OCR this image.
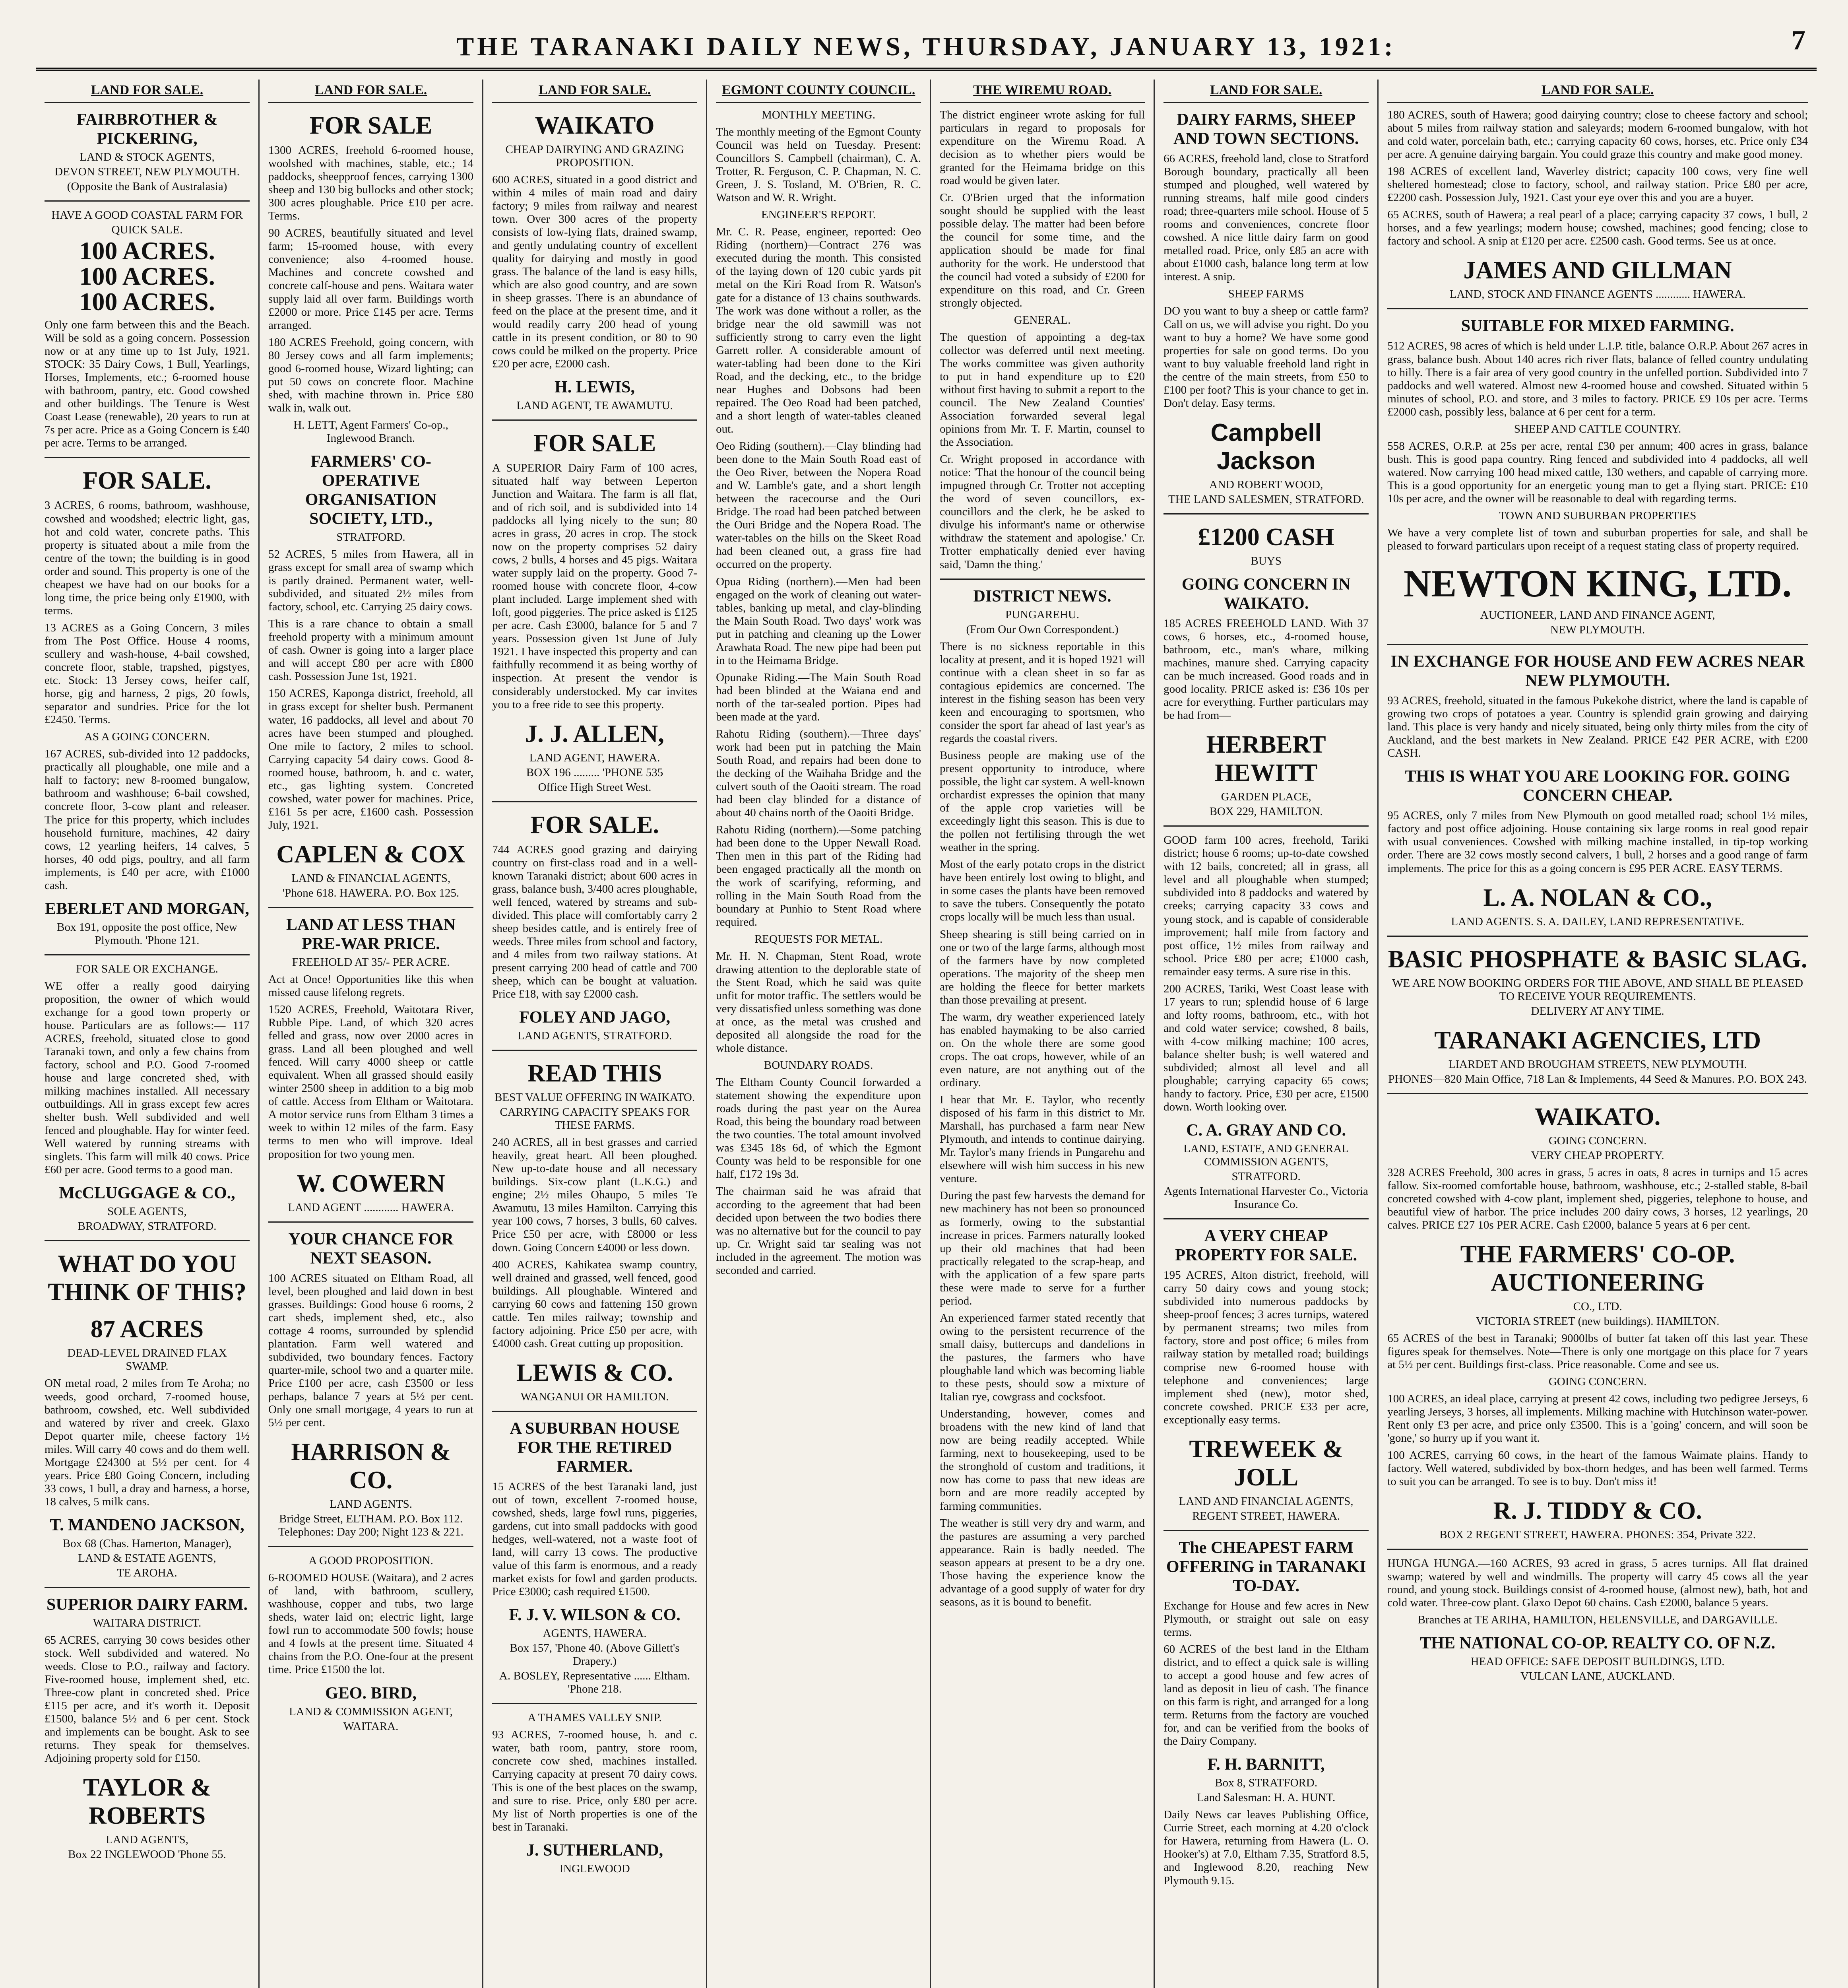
THE TARANAKI DAILY NEWS, THURSDAY, JANUARY 13, 1921:	7
LAND FOR SALE.
FAIRBROTHER & PICKERING,
LAND & STOCK AGENTS,
DEVON STREET, NEW PLYMOUTH.
(Opposite the Bank of Australasia)
HAVE A GOOD COASTAL FARM FOR
QUICK SALE.
100 ACRES.
100 ACRES.
100 ACRES.

Only one farm between this and the Beach. Will be sold as a going concern. Possession now or at any time up to 1st July, 1921. STOCK: 35 Dairy Cows, 1 Bull, Yearlings, Horses, Implements, etc.; 6-roomed house with bathroom, pantry, etc. Good cowshed and other buildings. The Tenure is West Coast Lease (renewable), 20 years to run at 7s per acre. Price as a Going Concern is £40 per acre. Terms to be arranged.

FOR SALE.

3 ACRES, 6 rooms, bathroom, washhouse, cowshed and woodshed; electric light, gas, hot and cold water, concrete paths. This property is situated about a mile from the centre of the town; the building is in good order and sound. This property is one of the cheapest we have had on our books for a long time, the price being only £1900, with terms.

13 ACRES as a Going Concern, 3 miles from The Post Office. House 4 rooms, scullery and wash-house, 4-bail cowshed, concrete floor, stable, trapshed, pigstyes, etc. Stock: 13 Jersey cows, heifer calf, horse, gig and harness, 2 pigs, 20 fowls, separator and sundries. Price for the lot £2450. Terms.

AS A GOING CONCERN.

167 ACRES, sub-divided into 12 paddocks, practically all ploughable, one mile and a half to factory; new 8-roomed bungalow, bathroom and washhouse; 6-bail cowshed, concrete floor, 3-cow plant and releaser. The price for this property, which includes household furniture, machines, 42 dairy cows, 12 yearling heifers, 14 calves, 5 horses, 40 odd pigs, poultry, and all farm implements, is £40 per acre, with £1000 cash.

EBERLET AND MORGAN,
Box 191, opposite the post office, New Plymouth. 'Phone 121.
FOR SALE OR EXCHANGE.

WE offer a really good dairying proposition, the owner of which would exchange for a good town property or house. Particulars are as follows:— 117 ACRES, freehold, situated close to good Taranaki town, and only a few chains from factory, school and P.O. Good 7-roomed house and large concreted shed, with milking machines installed. All necessary outbuildings. All in grass except few acres shelter bush. Well subdivided and well fenced and ploughable. Hay for winter feed. Well watered by running streams with singlets. This farm will milk 40 cows. Price £60 per acre. Good terms to a good man.

McCLUGGAGE & CO.,
SOLE AGENTS,
BROADWAY, STRATFORD.
WHAT DO YOU THINK OF THIS?
87 ACRES
DEAD-LEVEL DRAINED FLAX SWAMP.

ON metal road, 2 miles from Te Aroha; no weeds, good orchard, 7-roomed house, bathroom, cowshed, etc. Well subdivided and watered by river and creek. Glaxo Depot quarter mile, cheese factory 1½ miles. Will carry 40 cows and do them well. Mortgage £24300 at 5½ per cent. for 4 years. Price £80 Going Concern, including 33 cows, 1 bull, a dray and harness, a horse, 18 calves, 5 milk cans.

T. MANDENO JACKSON,
Box 68 (Chas. Hamerton, Manager),
LAND & ESTATE AGENTS,
TE AROHA.
SUPERIOR DAIRY FARM.
WAITARA DISTRICT.

65 ACRES, carrying 30 cows besides other stock. Well subdivided and watered. No weeds. Close to P.O., railway and factory. Five-roomed house, implement shed, etc. Three-cow plant in concreted shed. Price £115 per acre, and it's worth it. Deposit £1500, balance 5½ and 6 per cent. Stock and implements can be bought. Ask to see returns. They speak for themselves. Adjoining property sold for £150.

TAYLOR & ROBERTS
LAND AGENTS,
Box 22 INGLEWOOD 'Phone 55.
LAND FOR SALE.
FOR SALE

1300 ACRES, freehold 6-roomed house, woolshed with machines, stable, etc.; 14 paddocks, sheepproof fences, carrying 1300 sheep and 130 big bullocks and other stock; 300 acres ploughable. Price £10 per acre. Terms.

90 ACRES, beautifully situated and level farm; 15-roomed house, with every convenience; also 4-roomed house. Machines and concrete cowshed and concrete calf-house and pens. Waitara water supply laid all over farm. Buildings worth £2000 or more. Price £145 per acre. Terms arranged.

180 ACRES Freehold, going concern, with 80 Jersey cows and all farm implements; good 6-roomed house, Wizard lighting; can put 50 cows on concrete floor. Machine shed, with machine thrown in. Price £80 walk in, walk out.

H. LETT, Agent Farmers' Co-op., Inglewood Branch.
FARMERS' CO-OPERATIVE ORGANISATION SOCIETY, LTD.,
STRATFORD.

52 ACRES, 5 miles from Hawera, all in grass except for small area of swamp which is partly drained. Permanent water, well-subdivided, and situated 2½ miles from factory, school, etc. Carrying 25 dairy cows.

This is a rare chance to obtain a small freehold property with a minimum amount of cash. Owner is going into a larger place and will accept £80 per acre with £800 cash. Possession June 1st, 1921.

150 ACRES, Kaponga district, freehold, all in grass except for shelter bush. Permanent water, 16 paddocks, all level and about 70 acres have been stumped and ploughed. One mile to factory, 2 miles to school. Carrying capacity 54 dairy cows. Good 8-roomed house, bathroom, h. and c. water, etc., gas lighting system. Concreted cowshed, water power for machines. Price, £161 5s per acre, £1600 cash. Possession July, 1921.

CAPLEN & COX
LAND & FINANCIAL AGENTS,
'Phone 618. HAWERA. P.O. Box 125.
LAND AT LESS THAN PRE-WAR PRICE.
FREEHOLD AT 35/- PER ACRE.

Act at Once! Opportunities like this when missed cause lifelong regrets.

1520 ACRES, Freehold, Waitotara River, Rubble Pipe. Land, of which 320 acres felled and grass, now over 2000 acres in grass. Land all been ploughed and well fenced. Will carry 4000 sheep or cattle equivalent. When all grassed should easily winter 2500 sheep in addition to a big mob of cattle. Access from Eltham or Waitotara. A motor service runs from Eltham 3 times a week to within 12 miles of the farm. Easy terms to men who will improve. Ideal proposition for two young men.

W. COWERN
LAND AGENT ............ HAWERA.
YOUR CHANCE FOR NEXT SEASON.

100 ACRES situated on Eltham Road, all level, been ploughed and laid down in best grasses. Buildings: Good house 6 rooms, 2 cart sheds, implement shed, etc., also cottage 4 rooms, surrounded by splendid plantation. Farm well watered and subdivided, two boundary fences. Factory quarter-mile, school two and a quarter mile. Price £100 per acre, cash £3500 or less perhaps, balance 7 years at 5½ per cent. Only one small mortgage, 4 years to run at 5½ per cent.

HARRISON & CO.
LAND AGENTS.
Bridge Street, ELTHAM. P.O. Box 112. Telephones: Day 200; Night 123 & 221.
A GOOD PROPOSITION.

6-ROOMED HOUSE (Waitara), and 2 acres of land, with bathroom, scullery, washhouse, copper and tubs, two large sheds, water laid on; electric light, large fowl run to accommodate 500 fowls; house and 4 fowls at the present time. Situated 4 chains from the P.O. One-four at the present time. Price £1500 the lot.

GEO. BIRD,
LAND & COMMISSION AGENT,
WAITARA.
LAND FOR SALE.
WAIKATO
CHEAP DAIRYING AND GRAZING PROPOSITION.

600 ACRES, situated in a good district and within 4 miles of main road and dairy factory; 9 miles from railway and nearest town. Over 300 acres of the property consists of low-lying flats, drained swamp, and gently undulating country of excellent quality for dairying and mostly in good grass. The balance of the land is easy hills, which are also good country, and are sown in sheep grasses. There is an abundance of feed on the place at the present time, and it would readily carry 200 head of young cattle in its present condition, or 80 to 90 cows could be milked on the property. Price £20 per acre, £2000 cash.

H. LEWIS,
LAND AGENT, TE AWAMUTU.
FOR SALE

A SUPERIOR Dairy Farm of 100 acres, situated half way between Leperton Junction and Waitara. The farm is all flat, and of rich soil, and is subdivided into 14 paddocks all lying nicely to the sun; 80 acres in grass, 20 acres in crop. The stock now on the property comprises 52 dairy cows, 2 bulls, 4 horses and 45 pigs. Waitara water supply laid on the property. Good 7-roomed house with concrete floor, 4-cow plant included. Large implement shed with loft, good piggeries. The price asked is £125 per acre. Cash £3000, balance for 5 and 7 years. Possession given 1st June of July 1921. I have inspected this property and can faithfully recommend it as being worthy of inspection. At present the vendor is considerably understocked. My car invites you to a free ride to see this property.

J. J. ALLEN,
LAND AGENT, HAWERA.
BOX 196 ......... 'PHONE 535
Office High Street West.
FOR SALE.

744 ACRES good grazing and dairying country on first-class road and in a well-known Taranaki district; about 600 acres in grass, balance bush, 3/400 acres ploughable, well fenced, watered by streams and sub-divided. This place will comfortably carry 2 sheep besides cattle, and is entirely free of weeds. Three miles from school and factory, and 4 miles from two railway stations. At present carrying 200 head of cattle and 700 sheep, which can be bought at valuation. Price £18, with say £2000 cash.

FOLEY AND JAGO,
LAND AGENTS, STRATFORD.
READ THIS
BEST VALUE OFFERING IN WAIKATO.
CARRYING CAPACITY SPEAKS FOR THESE FARMS.

240 ACRES, all in best grasses and carried heavily, great heart. All been ploughed. New up-to-date house and all necessary buildings. Six-cow plant (L.K.G.) and engine; 2½ miles Ohaupo, 5 miles Te Awamutu, 13 miles Hamilton. Carrying this year 100 cows, 7 horses, 3 bulls, 60 calves. Price £50 per acre, with £8000 or less down. Going Concern £4000 or less down.

400 ACRES, Kahikatea swamp country, well drained and grassed, well fenced, good buildings. All ploughable. Wintered and carrying 60 cows and fattening 150 grown cattle. Ten miles railway; township and factory adjoining. Price £50 per acre, with £4000 cash. Great cutting up proposition.

LEWIS & CO.
WANGANUI OR HAMILTON.
A SUBURBAN HOUSE FOR THE RETIRED FARMER.

15 ACRES of the best Taranaki land, just out of town, excellent 7-roomed house, cowshed, sheds, large fowl runs, piggeries, gardens, cut into small paddocks with good hedges, well-watered, not a waste foot of land, will carry 13 cows. The productive value of this farm is enormous, and a ready market exists for fowl and garden products. Price £3000; cash required £1500.

F. J. V. WILSON & CO.
AGENTS, HAWERA.
Box 157, 'Phone 40. (Above Gillett's Drapery.)
A. BOSLEY, Representative ...... Eltham. 'Phone 218.
A THAMES VALLEY SNIP.

93 ACRES, 7-roomed house, h. and c. water, bath room, pantry, store room, concrete cow shed, machines installed. Carrying capacity at present 70 dairy cows. This is one of the best places on the swamp, and sure to rise. Price, only £80 per acre. My list of North properties is one of the best in Taranaki.

J. SUTHERLAND,
INGLEWOOD
EGMONT COUNTY COUNCIL.
MONTHLY MEETING.

The monthly meeting of the Egmont County Council was held on Tuesday. Present: Councillors S. Campbell (chairman), C. A. Trotter, R. Ferguson, C. P. Chapman, N. C. Green, J. S. Tosland, M. O'Brien, R. C. Watson and W. R. Wright.

ENGINEER'S REPORT.

Mr. C. R. Pease, engineer, reported: Oeo Riding (northern)—Contract 276 was executed during the month. This consisted of the laying down of 120 cubic yards pit metal on the Kiri Road from R. Watson's gate for a distance of 13 chains southwards. The work was done without a roller, as the bridge near the old sawmill was not sufficiently strong to carry even the light Garrett roller. A considerable amount of water-tabling had been done to the Kiri Road, and the decking, etc., to the bridge near Hughes and Dobsons had been repaired. The Oeo Road had been patched, and a short length of water-tables cleaned out.

Oeo Riding (southern).—Clay blinding had been done to the Main South Road east of the Oeo River, between the Nopera Road and W. Lamble's gate, and a short length between the racecourse and the Ouri Bridge. The road had been patched between the Ouri Bridge and the Nopera Road. The water-tables on the hills on the Skeet Road had been cleaned out, a grass fire had occurred on the property.

Opua Riding (northern).—Men had been engaged on the work of cleaning out water-tables, banking up metal, and clay-blinding the Main South Road. Two days' work was put in patching and cleaning up the Lower Arawhata Road. The new pipe had been put in to the Heimama Bridge.

Opunake Riding.—The Main South Road had been blinded at the Waiana end and north of the tar-sealed portion. Pipes had been made at the yard.

Rahotu Riding (southern).—Three days' work had been put in patching the Main South Road, and repairs had been done to the decking of the Waihaha Bridge and the culvert south of the Oaoiti stream. The road had been clay blinded for a distance of about 40 chains north of the Oaoiti Bridge.

Rahotu Riding (northern).—Some patching had been done to the Upper Newall Road. Then men in this part of the Riding had been engaged practically all the month on the work of scarifying, reforming, and rolling in the Main South Road from the boundary at Punhio to Stent Road where required.

REQUESTS FOR METAL.

Mr. H. N. Chapman, Stent Road, wrote drawing attention to the deplorable state of the Stent Road, which he said was quite unfit for motor traffic. The settlers would be very dissatisfied unless something was done at once, as the metal was crushed and deposited all alongside the road for the whole distance.

BOUNDARY ROADS.

The Eltham County Council forwarded a statement showing the expenditure upon roads during the past year on the Aurea Road, this being the boundary road between the two counties. The total amount involved was £345 18s 6d, of which the Egmont County was held to be responsible for one half, £172 19s 3d.

The chairman said he was afraid that according to the agreement that had been decided upon between the two bodies there was no alternative but for the council to pay up. Cr. Wright said tar sealing was not included in the agreement. The motion was seconded and carried.

THE WIREMU ROAD.

The district engineer wrote asking for full particulars in regard to proposals for expenditure on the Wiremu Road. A decision as to whether piers would be granted for the Heimama bridge on this road would be given later.

Cr. O'Brien urged that the information sought should be supplied with the least possible delay. The matter had been before the council for some time, and the application should be made for final authority for the work. He understood that the council had voted a subsidy of £200 for expenditure on this road, and Cr. Green strongly objected.

GENERAL.

The question of appointing a deg-tax collector was deferred until next meeting. The works committee was given authority to put in hand expenditure up to £20 without first having to submit a report to the council. The New Zealand Counties' Association forwarded several legal opinions from Mr. T. F. Martin, counsel to the Association.

Cr. Wright proposed in accordance with notice: 'That the honour of the council being impugned through Cr. Trotter not accepting the word of seven councillors, ex-councillors and the clerk, he be asked to divulge his informant's name or otherwise withdraw the statement and apologise.' Cr. Trotter emphatically denied ever having said, 'Damn the thing.'

DISTRICT NEWS.
PUNGAREHU.
(From Our Own Correspondent.)

There is no sickness reportable in this locality at present, and it is hoped 1921 will continue with a clean sheet in so far as contagious epidemics are concerned. The interest in the fishing season has been very keen and encouraging to sportsmen, who consider the sport far ahead of last year's as regards the coastal rivers.

Business people are making use of the present opportunity to introduce, where possible, the light car system. A well-known orchardist expresses the opinion that many of the apple crop varieties will be exceedingly light this season. This is due to the pollen not fertilising through the wet weather in the spring.

Most of the early potato crops in the district have been entirely lost owing to blight, and in some cases the plants have been removed to save the tubers. Consequently the potato crops locally will be much less than usual.

Sheep shearing is still being carried on in one or two of the large farms, although most of the farmers have by now completed operations. The majority of the sheep men are holding the fleece for better markets than those prevailing at present.

The warm, dry weather experienced lately has enabled haymaking to be also carried on. On the whole there are some good crops. The oat crops, however, while of an even nature, are not anything out of the ordinary.

I hear that Mr. E. Taylor, who recently disposed of his farm in this district to Mr. Marshall, has purchased a farm near New Plymouth, and intends to continue dairying. Mr. Taylor's many friends in Pungarehu and elsewhere will wish him success in his new venture.

During the past few harvests the demand for new machinery has not been so pronounced as formerly, owing to the substantial increase in prices. Farmers naturally looked up their old machines that had been practically relegated to the scrap-heap, and with the application of a few spare parts these were made to serve for a further period.

An experienced farmer stated recently that owing to the persistent recurrence of the small daisy, buttercups and dandelions in the pastures, the farmers who have ploughable land which was becoming liable to these pests, should sow a mixture of Italian rye, cowgrass and cocksfoot.

Understanding, however, comes and broadens with the new kind of land that now are being readily accepted. While farming, next to housekeeping, used to be the stronghold of custom and traditions, it now has come to pass that new ideas are born and are more readily accepted by farming communities.

The weather is still very dry and warm, and the pastures are assuming a very parched appearance. Rain is badly needed. The season appears at present to be a dry one. Those having the experience know the advantage of a good supply of water for dry seasons, as it is bound to benefit.

LAND FOR SALE.
DAIRY FARMS, SHEEP AND TOWN SECTIONS.

66 ACRES, freehold land, close to Stratford Borough boundary, practically all been stumped and ploughed, well watered by running streams, half mile good cinders road; three-quarters mile school. House of 5 rooms and conveniences, concrete floor cowshed. A nice little dairy farm on good metalled road. Price, only £85 an acre with about £1000 cash, balance long term at low interest. A snip.

SHEEP FARMS

DO you want to buy a sheep or cattle farm? Call on us, we will advise you right. Do you want to buy a home? We have some good properties for sale on good terms. Do you want to buy valuable freehold land right in the centre of the main streets, from £50 to £100 per foot? This is your chance to get in. Don't delay. Easy terms.

Campbell Jackson
AND ROBERT WOOD,
THE LAND SALESMEN, STRATFORD.
£1200 CASH
BUYS
GOING CONCERN IN WAIKATO.

185 ACRES FREEHOLD LAND. With 37 cows, 6 horses, etc., 4-roomed house, bathroom, etc., man's whare, milking machines, manure shed. Carrying capacity can be much increased. Good roads and in good locality. PRICE asked is: £36 10s per acre for everything. Further particulars may be had from—

HERBERT HEWITT
GARDEN PLACE,
BOX 229, HAMILTON.

GOOD farm 100 acres, freehold, Tariki district; house 6 rooms; up-to-date cowshed with 12 bails, concreted; all in grass, all level and all ploughable when stumped; subdivided into 8 paddocks and watered by creeks; carrying capacity 33 cows and young stock, and is capable of considerable improvement; half mile from factory and post office, 1½ miles from railway and school. Price £80 per acre; £1000 cash, remainder easy terms. A sure rise in this.

200 ACRES, Tariki, West Coast lease with 17 years to run; splendid house of 6 large and lofty rooms, bathroom, etc., with hot and cold water service; cowshed, 8 bails, with 4-cow milking machine; 100 acres, balance shelter bush; is well watered and subdivided; almost all level and all ploughable; carrying capacity 65 cows; handy to factory. Price, £30 per acre, £1500 down. Worth looking over.

C. A. GRAY AND CO.
LAND, ESTATE, AND GENERAL COMMISSION AGENTS,
STRATFORD.
Agents International Harvester Co., Victoria Insurance Co.
A VERY CHEAP PROPERTY FOR SALE.

195 ACRES, Alton district, freehold, will carry 50 dairy cows and young stock; subdivided into numerous paddocks by sheep-proof fences; 3 acres turnips, watered by permanent streams; two miles from factory, store and post office; 6 miles from railway station by metalled road; buildings comprise new 6-roomed house with telephone and conveniences; large implement shed (new), motor shed, concrete cowshed. PRICE £33 per acre, exceptionally easy terms.

TREWEEK & JOLL
LAND AND FINANCIAL AGENTS,
REGENT STREET, HAWERA.
The CHEAPEST FARM OFFERING in TARANAKI TO-DAY.

Exchange for House and few acres in New Plymouth, or straight out sale on easy terms.

60 ACRES of the best land in the Eltham district, and to effect a quick sale is willing to accept a good house and few acres of land as deposit in lieu of cash. The finance on this farm is right, and arranged for a long term. Returns from the factory are vouched for, and can be verified from the books of the Dairy Company.

F. H. BARNITT,
Box 8, STRATFORD.
Land Salesman: H. A. HUNT.

Daily News car leaves Publishing Office, Currie Street, each morning at 4.20 o'clock for Hawera, returning from Hawera (L. O. Hooker's) at 7.0, Eltham 7.35, Stratford 8.5, and Inglewood 8.20, reaching New Plymouth 9.15.

LAND FOR SALE.

180 ACRES, south of Hawera; good dairying country; close to cheese factory and school; about 5 miles from railway station and saleyards; modern 6-roomed bungalow, with hot and cold water, porcelain bath, etc.; carrying capacity 60 cows, horses, etc. Price only £34 per acre. A genuine dairying bargain. You could graze this country and make good money.

198 ACRES of excellent land, Waverley district; capacity 100 cows, very fine well sheltered homestead; close to factory, school, and railway station. Price £80 per acre, £2200 cash. Possession July, 1921. Cast your eye over this and you are a buyer.

65 ACRES, south of Hawera; a real pearl of a place; carrying capacity 37 cows, 1 bull, 2 horses, and a few yearlings; modern house; cowshed, machines; good fencing; close to factory and school. A snip at £120 per acre. £2500 cash. Good terms. See us at once.

JAMES AND GILLMAN
LAND, STOCK AND FINANCE AGENTS ............ HAWERA.
SUITABLE FOR MIXED FARMING.

512 ACRES, 98 acres of which is held under L.I.P. title, balance O.R.P. About 267 acres in grass, balance bush. About 140 acres rich river flats, balance of felled country undulating to hilly. There is a fair area of very good country in the unfelled portion. Subdivided into 7 paddocks and well watered. Almost new 4-roomed house and cowshed. Situated within 5 minutes of school, P.O. and store, and 3 miles to factory. PRICE £9 10s per acre. Terms £2000 cash, possibly less, balance at 6 per cent for a term.

SHEEP AND CATTLE COUNTRY.

558 ACRES, O.R.P. at 25s per acre, rental £30 per annum; 400 acres in grass, balance bush. This is good papa country. Ring fenced and subdivided into 4 paddocks, all well watered. Now carrying 100 head mixed cattle, 130 wethers, and capable of carrying more. This is a good opportunity for an energetic young man to get a flying start. PRICE: £10 10s per acre, and the owner will be reasonable to deal with regarding terms.

TOWN AND SUBURBAN PROPERTIES

We have a very complete list of town and suburban properties for sale, and shall be pleased to forward particulars upon receipt of a request stating class of property required.

NEWTON KING, LTD.
AUCTIONEER, LAND AND FINANCE AGENT,
NEW PLYMOUTH.
IN EXCHANGE FOR HOUSE AND FEW ACRES NEAR NEW PLYMOUTH.

93 ACRES, freehold, situated in the famous Pukekohe district, where the land is capable of growing two crops of potatoes a year. Country is splendid grain growing and dairying land. This place is very handy and nicely situated, being only thirty miles from the city of Auckland, and the best markets in New Zealand. PRICE £42 PER ACRE, with £200 CASH.

THIS IS WHAT YOU ARE LOOKING FOR. GOING CONCERN CHEAP.

95 ACRES, only 7 miles from New Plymouth on good metalled road; school 1½ miles, factory and post office adjoining. House containing six large rooms in real good repair with usual conveniences. Cowshed with milking machine installed, in tip-top working order. There are 32 cows mostly second calvers, 1 bull, 2 horses and a good range of farm implements. The price for this as a going concern is £95 PER ACRE. EASY TERMS.

L. A. NOLAN & CO.,
LAND AGENTS. S. A. DAILEY, LAND REPRESENTATIVE.
BASIC PHOSPHATE & BASIC SLAG.
WE ARE NOW BOOKING ORDERS FOR THE ABOVE, AND SHALL BE PLEASED TO RECEIVE YOUR REQUIREMENTS.
DELIVERY AT ANY TIME.
TARANAKI AGENCIES, LTD
LIARDET AND BROUGHAM STREETS, NEW PLYMOUTH.
PHONES—820 Main Office, 718 Lan & Implements, 44 Seed & Manures. P.O. BOX 243.
WAIKATO.
GOING CONCERN.
VERY CHEAP PROPERTY.

328 ACRES Freehold, 300 acres in grass, 5 acres in oats, 8 acres in turnips and 15 acres fallow. Six-roomed comfortable house, bathroom, washhouse, etc.; 2-stalled stable, 8-bail concreted cowshed with 4-cow plant, implement shed, piggeries, telephone to house, and beautiful view of harbor. The price includes 200 dairy cows, 3 horses, 12 yearlings, 20 calves. PRICE £27 10s PER ACRE. Cash £2000, balance 5 years at 6 per cent.

THE FARMERS' CO-OP. AUCTIONEERING
CO., LTD.
VICTORIA STREET (new buildings). HAMILTON.

65 ACRES of the best in Taranaki; 9000lbs of butter fat taken off this last year. These figures speak for themselves. Note—There is only one mortgage on this place for 7 years at 5½ per cent. Buildings first-class. Price reasonable. Come and see us.

GOING CONCERN.

100 ACRES, an ideal place, carrying at present 42 cows, including two pedigree Jerseys, 6 yearling Jerseys, 3 horses, all implements. Milking machine with Hutchinson water-power. Rent only £3 per acre, and price only £3500. This is a 'going' concern, and will soon be 'gone,' so hurry up if you want it.

100 ACRES, carrying 60 cows, in the heart of the famous Waimate plains. Handy to factory. Well watered, subdivided by box-thorn hedges, and has been well farmed. Terms to suit you can be arranged. To see is to buy. Don't miss it!

R. J. TIDDY & CO.
BOX 2 REGENT STREET, HAWERA. PHONES: 354, Private 322.

HUNGA HUNGA.—160 ACRES, 93 acred in grass, 5 acres turnips. All flat drained swamp; watered by well and windmills. The property will carry 45 cows all the year round, and young stock. Buildings consist of 4-roomed house, (almost new), bath, hot and cold water. Three-cow plant. Glaxo Depot 60 chains. Cash £2000, balance 5 years.

Branches at TE ARIHA, HAMILTON, HELENSVILLE, and DARGAVILLE.
THE NATIONAL CO-OP. REALTY CO. OF N.Z.
HEAD OFFICE: SAFE DEPOSIT BUILDINGS, LTD.
VULCAN LANE, AUCKLAND.
